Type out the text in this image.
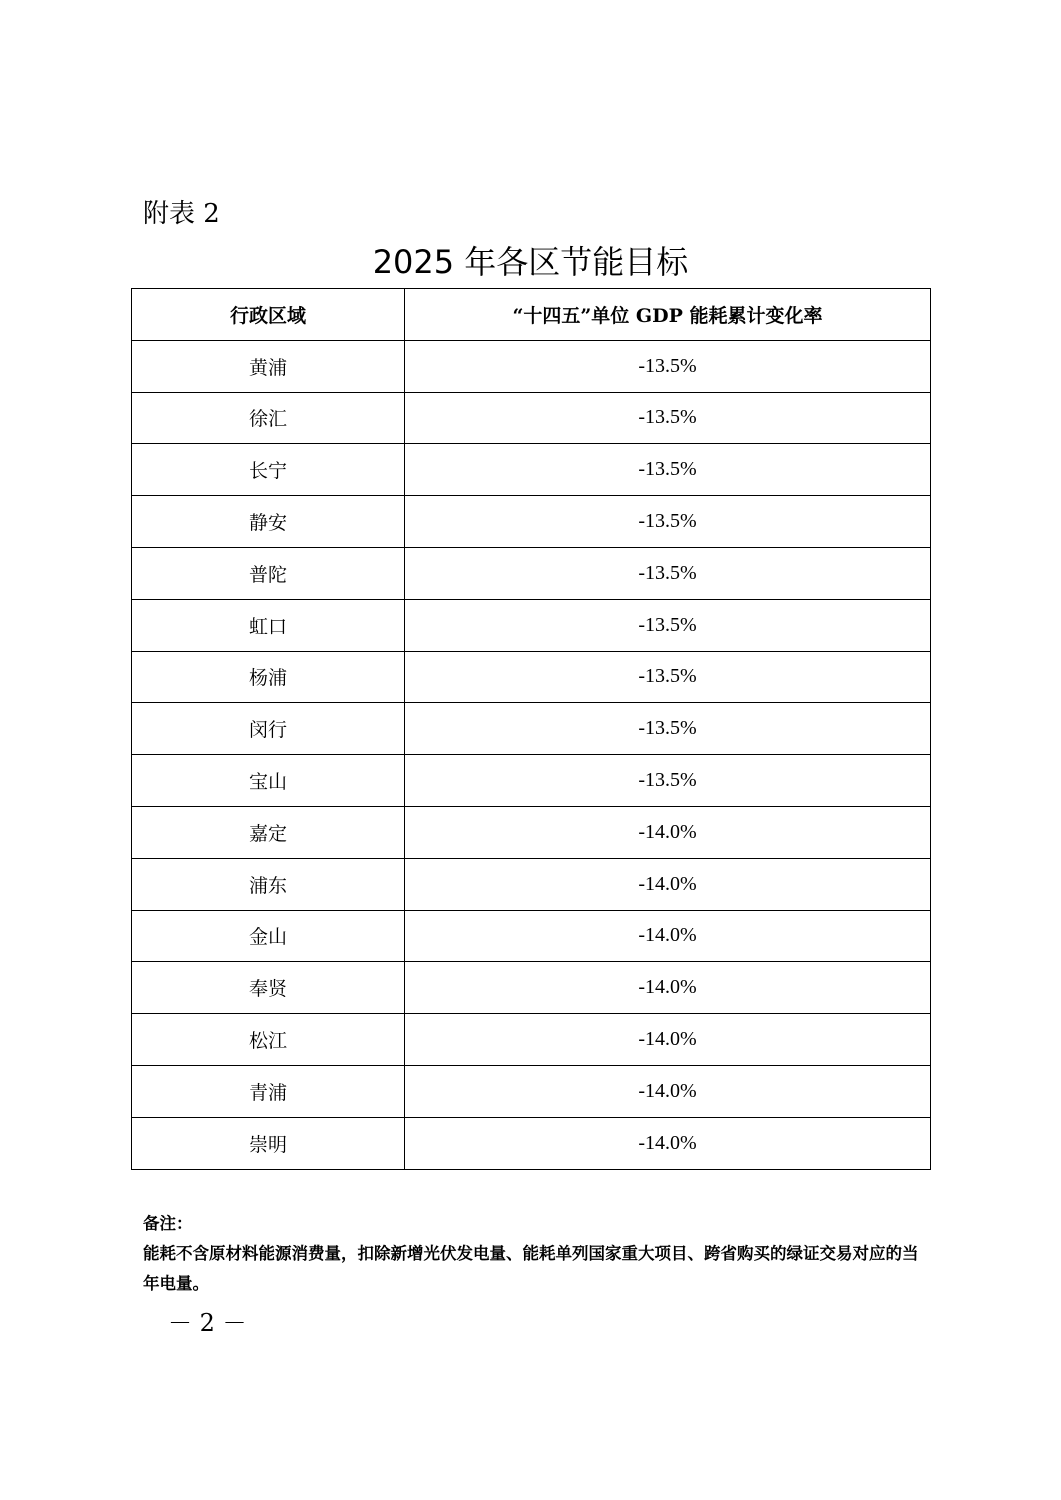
附表 2
2025 年各区节能目标
行政区域	“十四五”单位 GDP 能耗累计变化率
黄浦	-13.5%
徐汇	-13.5%
长宁	-13.5%
静安	-13.5%
普陀	-13.5%
虹口	-13.5%
杨浦	-13.5%
闵行	-13.5%
宝山	-13.5%
嘉定	-14.0%
浦东	-14.0%
金山	-14.0%
奉贤	-14.0%
松江	-14.0%
青浦	-14.0%
崇明	-14.0%

备注：

能耗不含原材料能源消费量，扣除新增光伏发电量、能耗单列国家重大项目、跨省购买的绿证交易对应的当年电量。

－ 2 －
